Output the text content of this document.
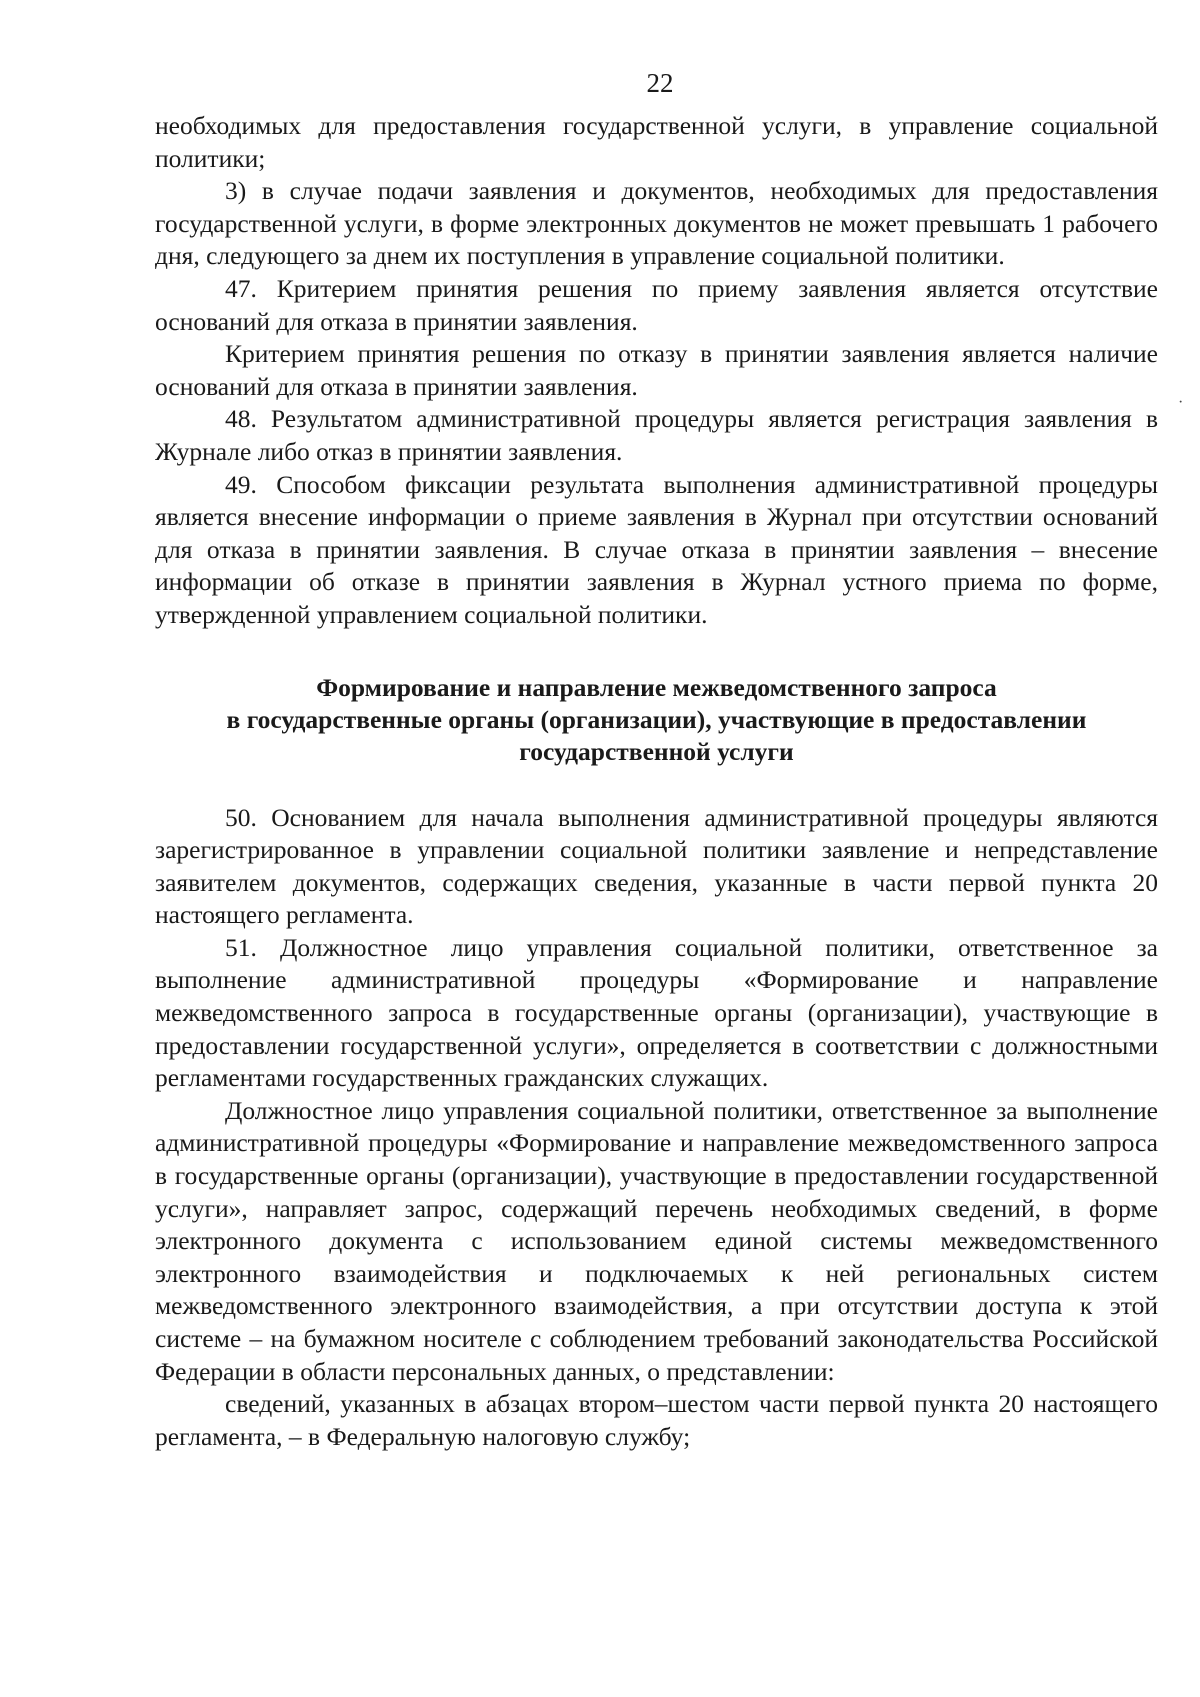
22
·

необходимых для предоставления государственной услуги, в управление социальной политики;

3) в случае подачи заявления и документов, необходимых для предоставления государственной услуги, в форме электронных документов не может превышать 1 рабочего дня, следующего за днем их поступления в управление социальной политики.

47. Критерием принятия решения по приему заявления является отсутствие оснований для отказа в принятии заявления.

Критерием принятия решения по отказу в принятии заявления является наличие оснований для отказа в принятии заявления.

48. Результатом административной процедуры является регистрация заявления в Журнале либо отказ в принятии заявления.

49. Способом фиксации результата выполнения административной процедуры является внесение информации о приеме заявления в Журнал при отсутствии оснований для отказа в принятии заявления. В случае отказа в принятии заявления – внесение информации об отказе в принятии заявления в Журнал устного приема по форме, утвержденной управлением социальной политики.

Формирование и направление межведомственного запроса
в государственные органы (организации), участвующие в предоставлении
государственной услуги

50. Основанием для начала выполнения административной процедуры являются зарегистрированное в управлении социальной политики заявление и непредставление заявителем документов, содержащих сведения, указанные в части первой пункта 20 настоящего регламента.

51. Должностное лицо управления социальной политики, ответственное за выполнение административной процедуры «Формирование и направление межведомственного запроса в государственные органы (организации), участвующие в предоставлении государственной услуги», определяется в соответствии с должностными регламентами государственных гражданских служащих.

Должностное лицо управления социальной политики, ответственное за выполнение административной процедуры «Формирование и направление межведомственного запроса в государственные органы (организации), участвующие в предоставлении государственной услуги», направляет запрос, содержащий перечень необходимых сведений, в форме электронного документа с использованием единой системы межведомственного электронного взаимодействия и подключаемых к ней региональных систем межведомственного электронного взаимодействия, а при отсутствии доступа к этой системе – на бумажном носителе с соблюдением требований законодательства Российской Федерации в области персональных данных, о представлении:

сведений, указанных в абзацах втором–шестом части первой пункта 20 настоящего регламента, – в Федеральную налоговую службу;
